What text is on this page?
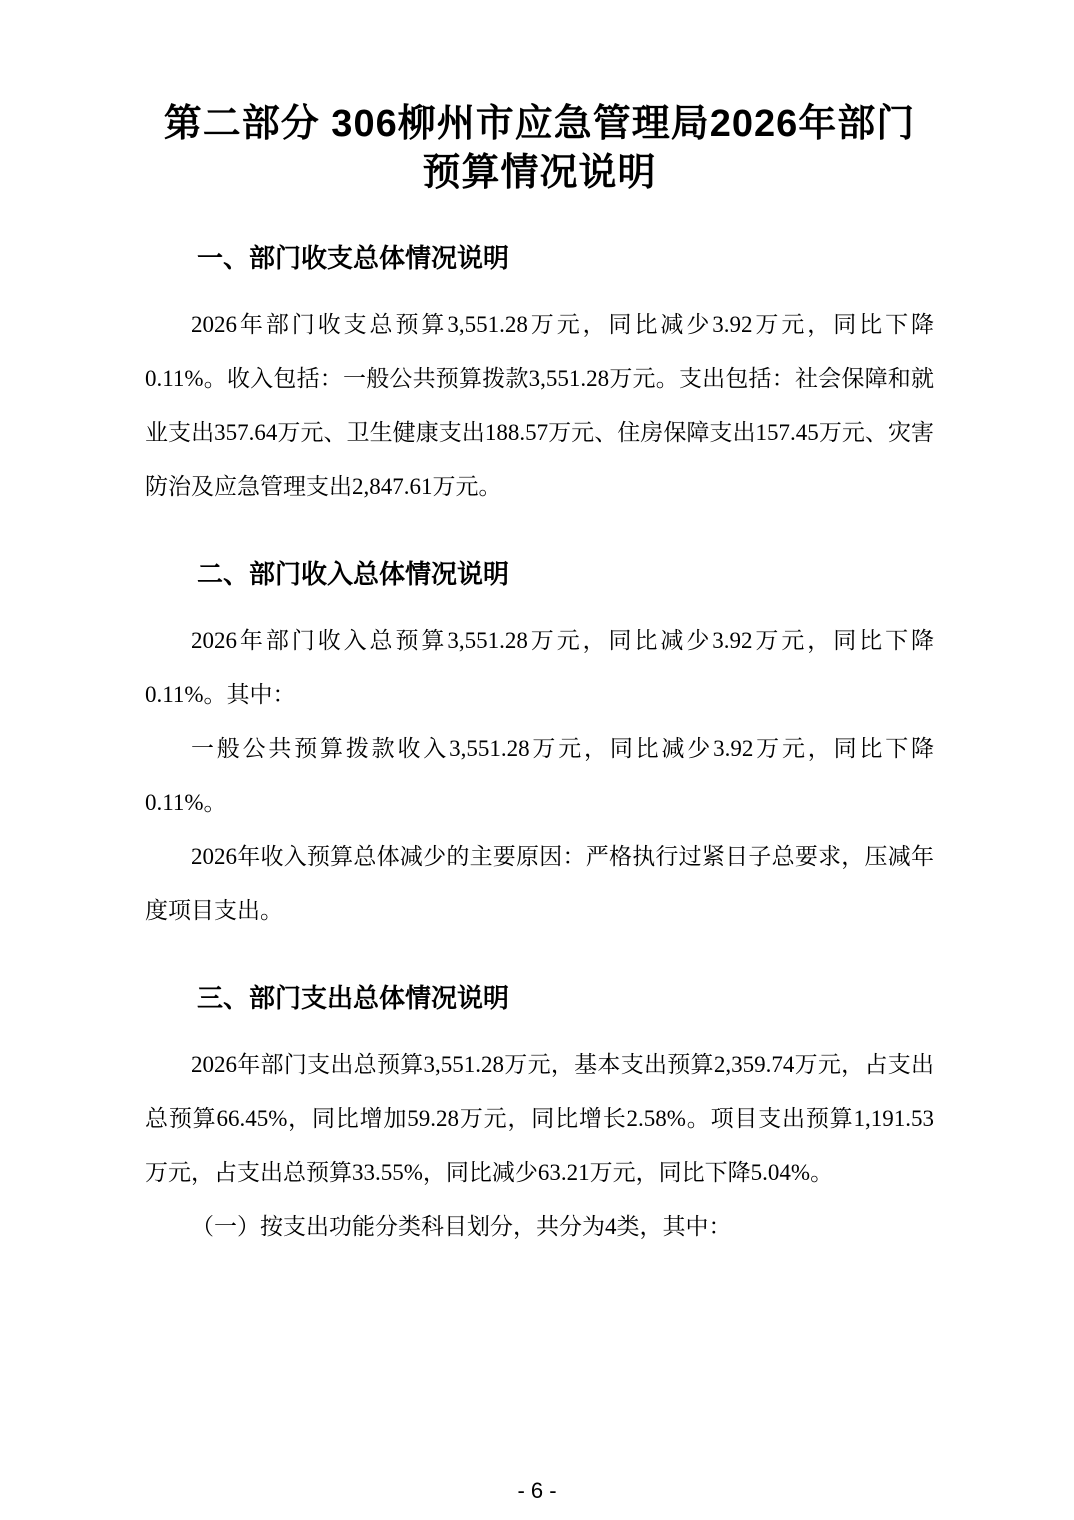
第二部分 306柳州市应急管理局2026年部门预算情况说明
一、部门收支总体情况说明

2026年部门收支总预算3,551.28万元，同比减少3.92万元，同比下降0.11%。收入包括：一般公共预算拨款3,551.28万元。支出包括：社会保障和就业支出357.64万元、卫生健康支出188.57万元、住房保障支出157.45万元、灾害防治及应急管理支出2,847.61万元。

二、部门收入总体情况说明

2026年部门收入总预算3,551.28万元，同比减少3.92万元，同比下降0.11%。其中：

一般公共预算拨款收入3,551.28万元，同比减少3.92万元，同比下降0.11%。

2026年收入预算总体减少的主要原因：严格执行过紧日子总要求，压减年度项目支出。

三、部门支出总体情况说明

2026年部门支出总预算3,551.28万元，基本支出预算2,359.74万元，占支出总预算66.45%，同比增加59.28万元，同比增长2.58%。项目支出预算1,191.53万元，占支出总预算33.55%，同比减少63.21万元，同比下降5.04%。

（一）按支出功能分类科目划分，共分为4类，其中：

- 6 -
